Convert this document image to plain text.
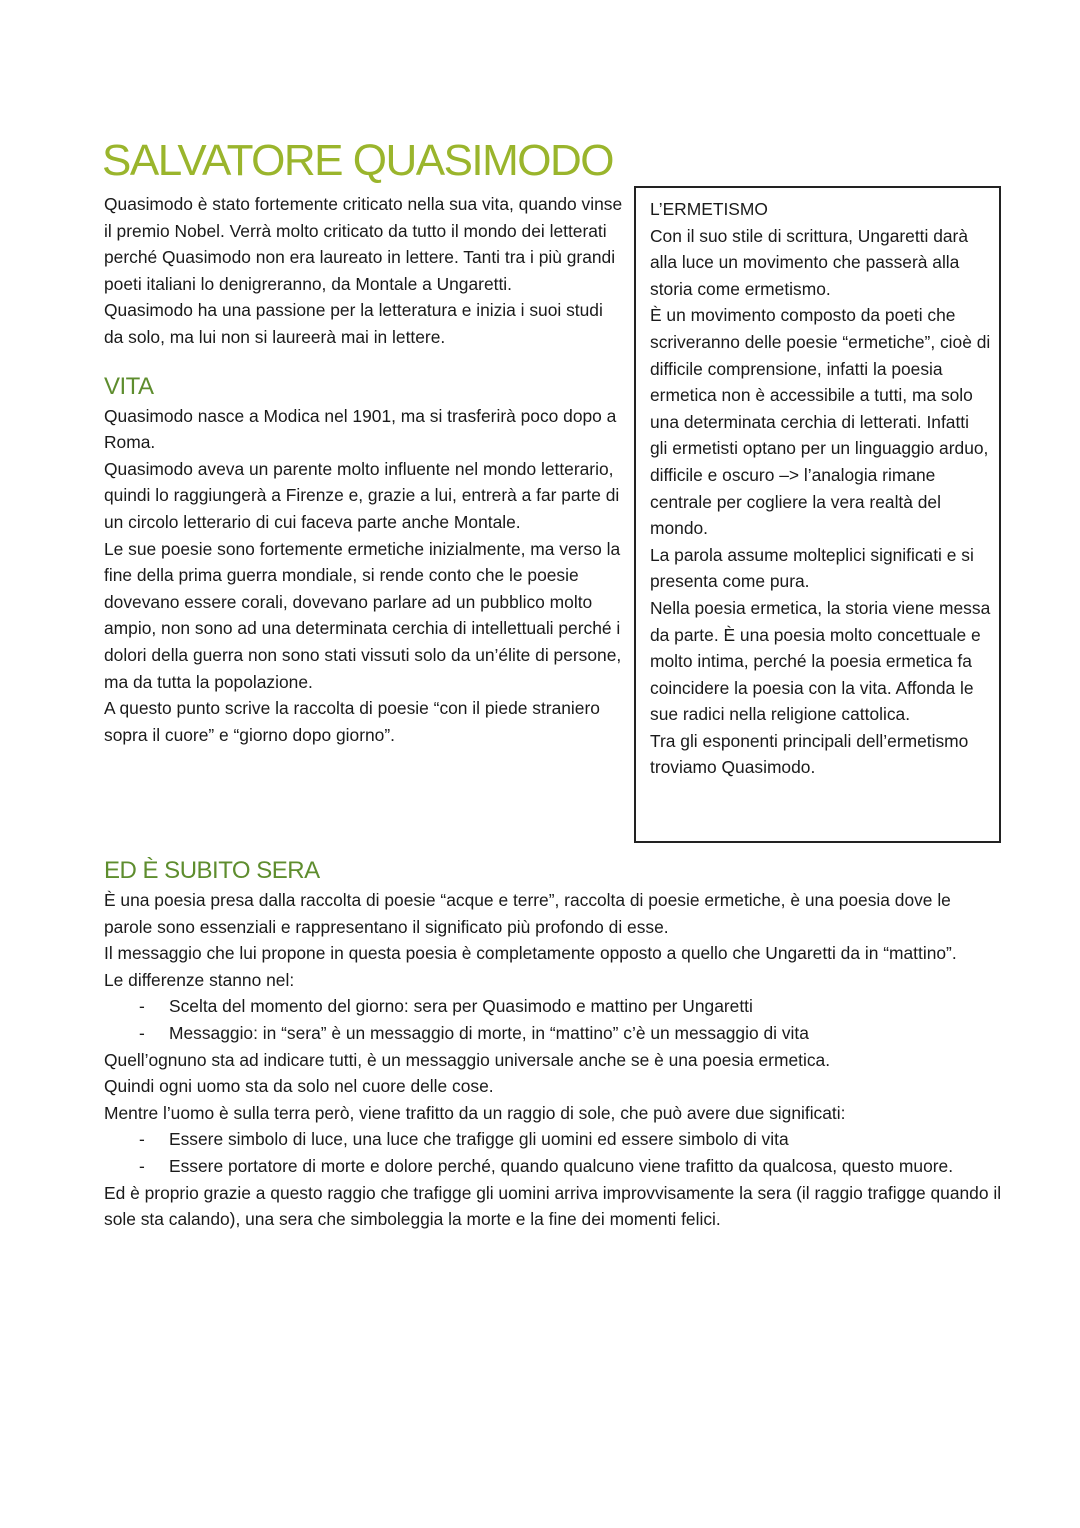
SALVATORE QUASIMODO

Quasimodo è stato fortemente criticato nella sua vita, quando vinse il premio Nobel. Verrà molto criticato da tutto il mondo dei letterati perché Quasimodo non era laureato in lettere. Tanti tra i più grandi poeti italiani lo denigreranno, da Montale a Ungaretti.

Quasimodo ha una passione per la letteratura e inizia i suoi studi da solo, ma lui non si laureerà mai in lettere.

VITA

Quasimodo nasce a Modica nel 1901, ma si trasferirà poco dopo a Roma.

Quasimodo aveva un parente molto influente nel mondo letterario, quindi lo raggiungerà a Firenze e, grazie a lui, entrerà a far parte di un circolo letterario di cui faceva parte anche Montale.

Le sue poesie sono fortemente ermetiche inizialmente, ma verso la fine della prima guerra mondiale, si rende conto che le poesie dovevano essere corali, dovevano parlare ad un pubblico molto ampio, non sono ad una determinata cerchia di intellettuali perché i dolori della guerra non sono stati vissuti solo da un’élite di persone, ma da tutta la popolazione.

A questo punto scrive la raccolta di poesie “con il piede straniero sopra il cuore” e “giorno dopo giorno”.

L’ERMETISMO

Con il suo stile di scrittura, Ungaretti darà alla luce un movimento che passerà alla storia come ermetismo.

È un movimento composto da poeti che scriveranno delle poesie “ermetiche”, cioè di difficile comprensione, infatti la poesia ermetica non è accessibile a tutti, ma solo una determinata cerchia di letterati. Infatti gli ermetisti optano per un linguaggio arduo, difficile e oscuro –> l’analogia rimane centrale per cogliere la vera realtà del mondo.

La parola assume molteplici significati e si presenta come pura.

Nella poesia ermetica, la storia viene messa da parte. È una poesia molto concettuale e molto intima, perché la poesia ermetica fa coincidere la poesia con la vita. Affonda le sue radici nella religione cattolica.

Tra gli esponenti principali dell’ermetismo troviamo Quasimodo.

ED È SUBITO SERA

È una poesia presa dalla raccolta di poesie “acque e terre”, raccolta di poesie ermetiche, è una poesia dove le parole sono essenziali e rappresentano il significato più profondo di esse.

Il messaggio che lui propone in questa poesia è completamente opposto a quello che Ungaretti da in “mattino”.

Le differenze stanno nel:

- Scelta del momento del giorno: sera per Quasimodo e mattino per Ungaretti
- Messaggio: in “sera” è un messaggio di morte, in “mattino” c’è un messaggio di vita

Quell’ognuno sta ad indicare tutti, è un messaggio universale anche se è una poesia ermetica.

Quindi ogni uomo sta da solo nel cuore delle cose.

Mentre l’uomo è sulla terra però, viene trafitto da un raggio di sole, che può avere due significati:

- Essere simbolo di luce, una luce che trafigge gli uomini ed essere simbolo di vita
- Essere portatore di morte e dolore perché, quando qualcuno viene trafitto da qualcosa, questo muore.

Ed è proprio grazie a questo raggio che trafigge gli uomini arriva improvvisamente la sera (il raggio trafigge quando il sole sta calando), una sera che simboleggia la morte e la fine dei momenti felici.
